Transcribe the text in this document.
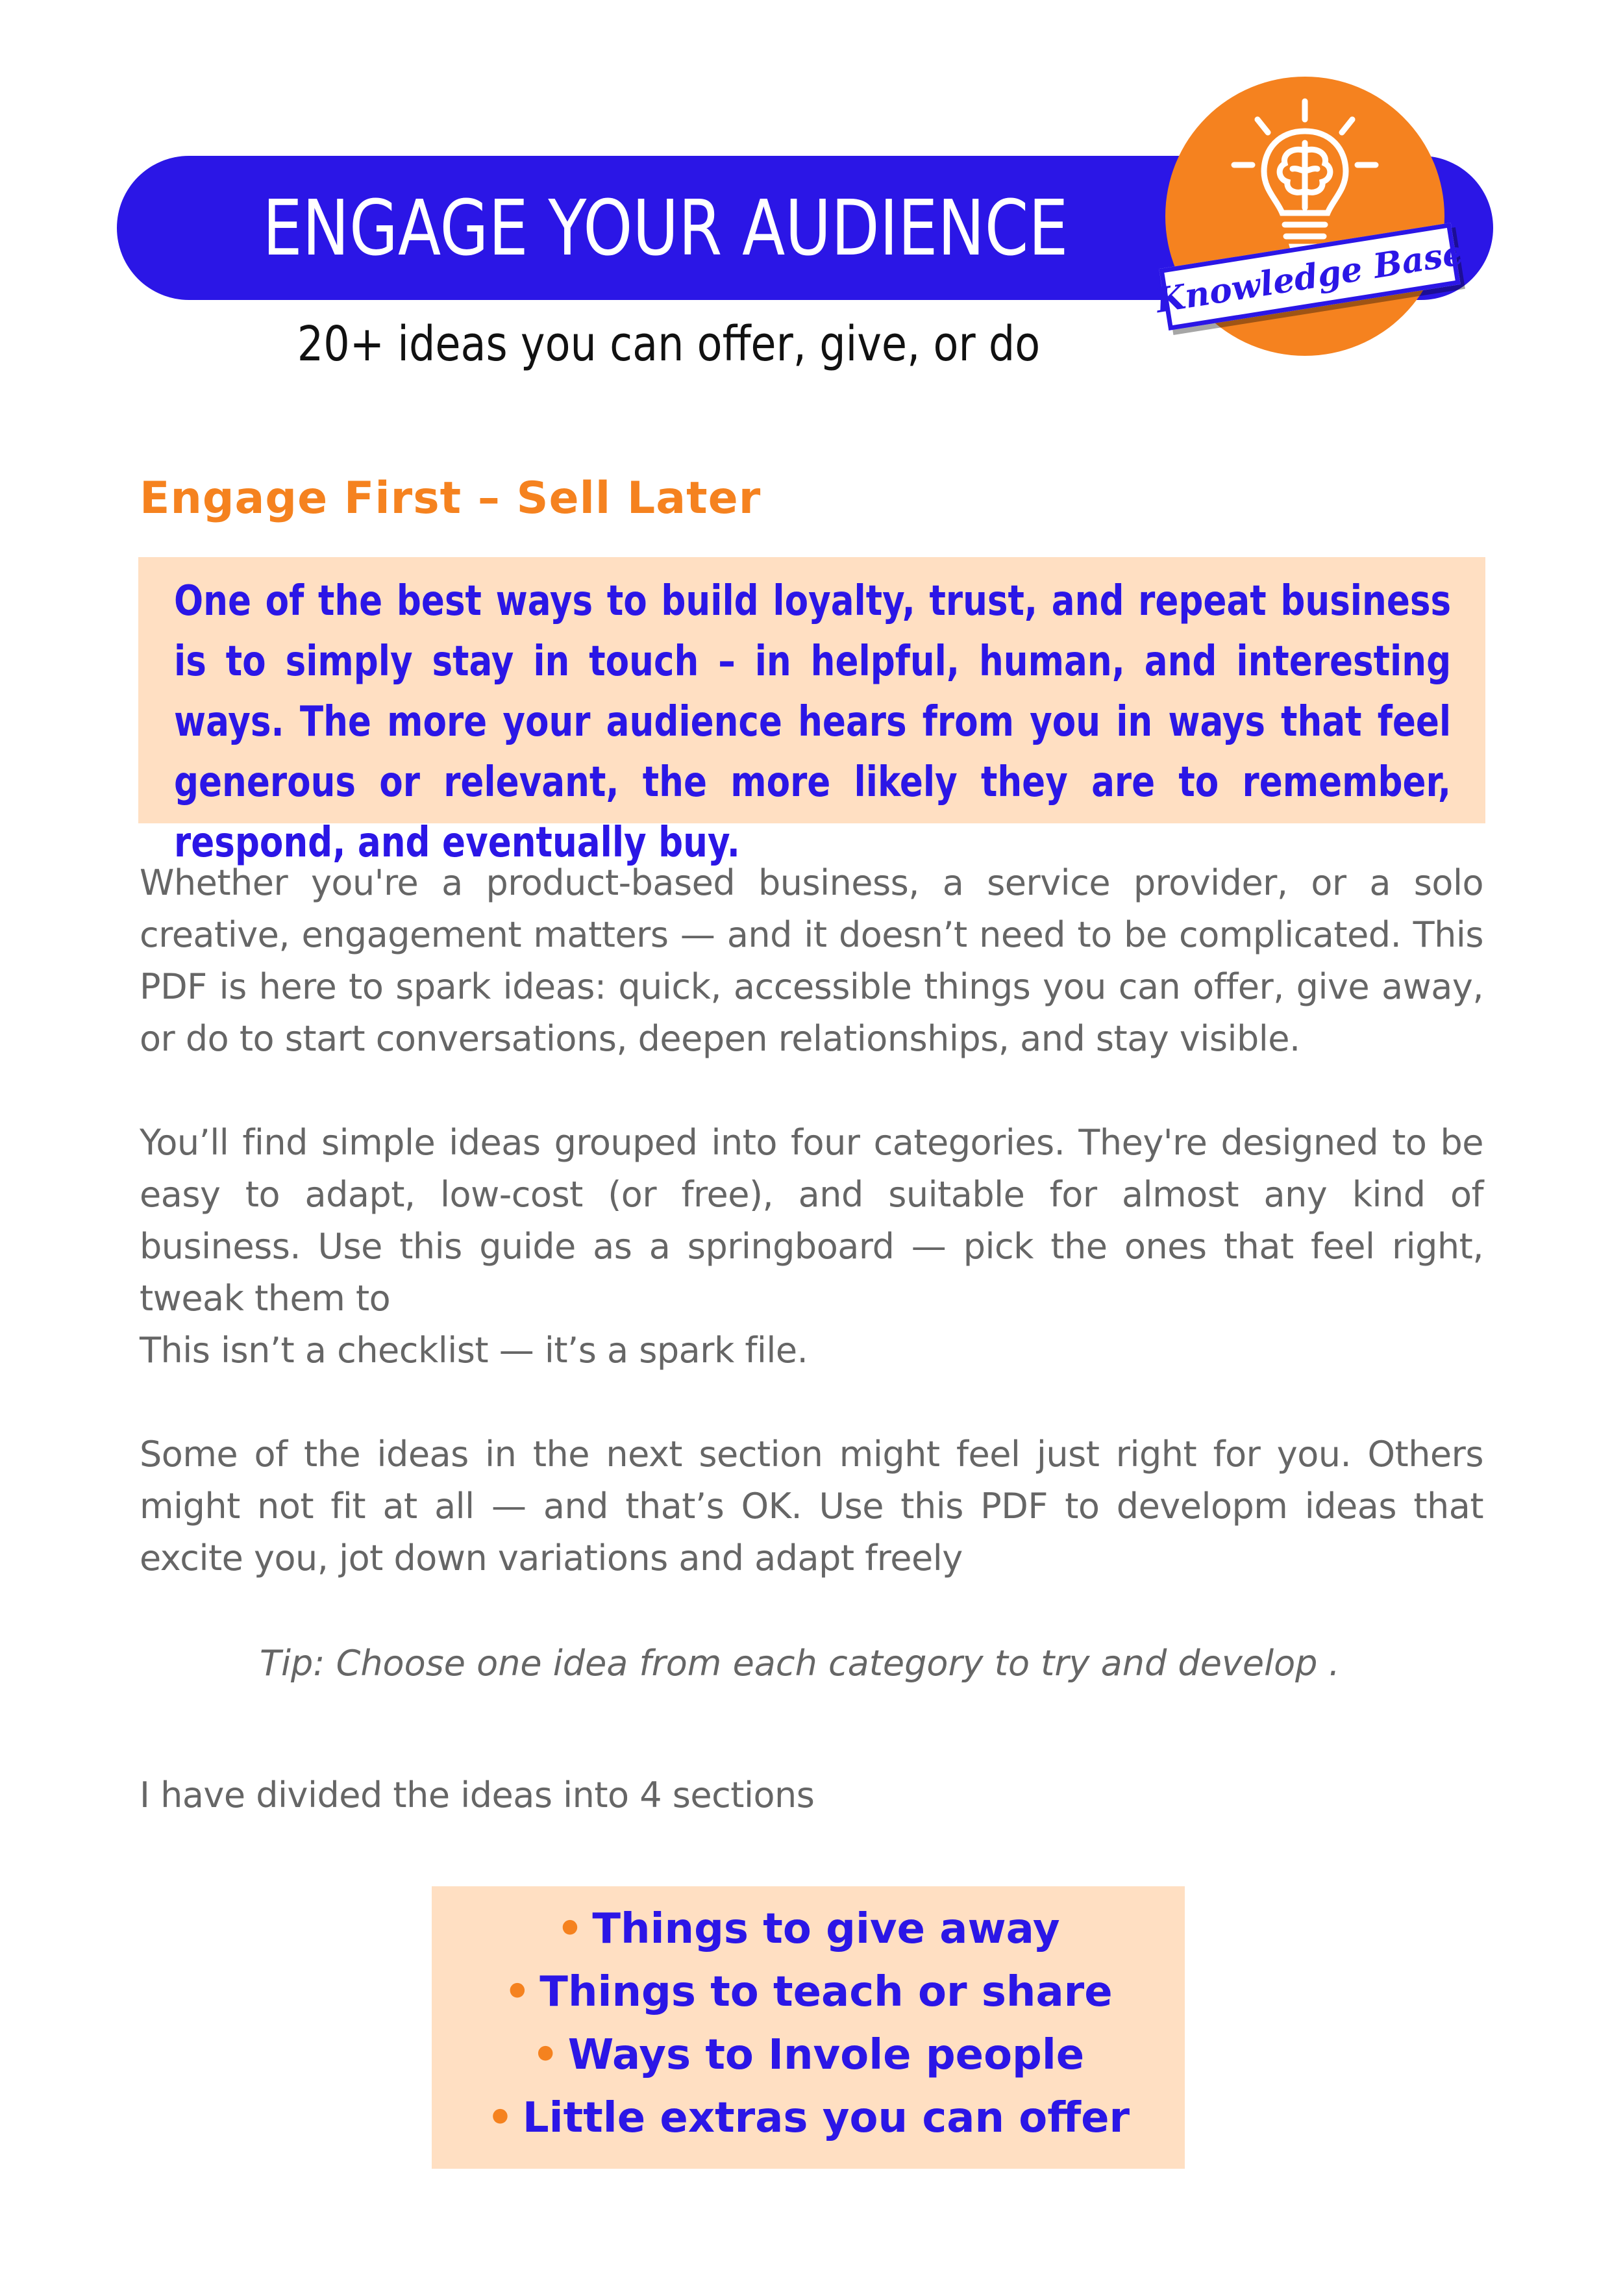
ENGAGE YOUR AUDIENCE
20+ ideas you can offer, give, or do
Knowledge Base
Engage First – Sell Later

One of the best ways to build loyalty, trust, and repeat business is to simply stay in touch – in helpful, human, and interesting ways. The more your audience hears from you in ways that feel generous or relevant, the more likely they are to remember, respond, and eventually buy.

Whether you're a product-based business, a service provider, or a solo creative, engagement matters — and it doesn’t need to be complicated. This PDF is here to spark ideas: quick, accessible things you can offer, give away, or do to start conversations, deepen relationships, and stay visible.

You’ll find simple ideas grouped into four categories. They're designed to be easy to adapt, low-cost (or free), and suitable for almost any kind of business. Use this guide as a springboard — pick the ones that feel right, tweak them to

This isn’t a checklist — it’s a spark file.

Some of the ideas in the next section might feel just right for you. Others might not fit at all — and that’s OK. Use this PDF to developm ideas that excite you, jot down variations and adapt freely

Tip: Choose one idea from each category to try and develop .

I have divided the ideas into 4 sections

• Things to give away
• Things to teach or share
• Ways to Involе people
• Little extras you can offer
